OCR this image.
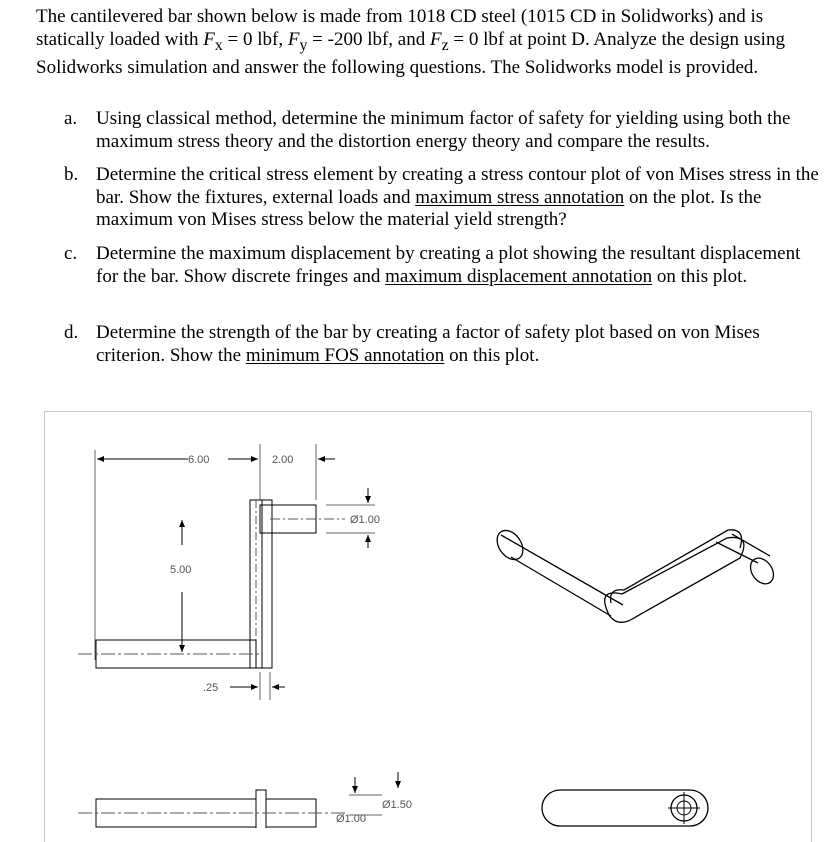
The cantilevered bar shown below is made from 1018 CD steel (1015 CD in Solidworks) and is statically loaded with $F_x = 0$ lbf, $F_y = -200$ lbf, and $F_z = 0$ lbf at point D. Analyze the design using Solidworks simulation and answer the following questions. The Solidworks model is provided.
a. Using classical method, determine the minimum factor of safety for yielding using both the maximum stress theory and the distortion energy theory and compare the results.
b. Determine the critical stress element by creating a stress contour plot of von Mises stress in the bar. Show the fixtures, external loads and maximum stress annotation on the plot. Is the maximum von Mises stress below the material yield strength?
c. Determine the maximum displacement by creating a plot showing the resultant displacement for the bar. Show discrete fringes and maximum displacement annotation on this plot.
d. Determine the strength of the bar by creating a factor of safety plot based on von Mises criterion. Show the minimum FOS annotation on this plot.
6.00	2.00
Ø1.00
5.00
.25
Ø1.00
Ø1.50
